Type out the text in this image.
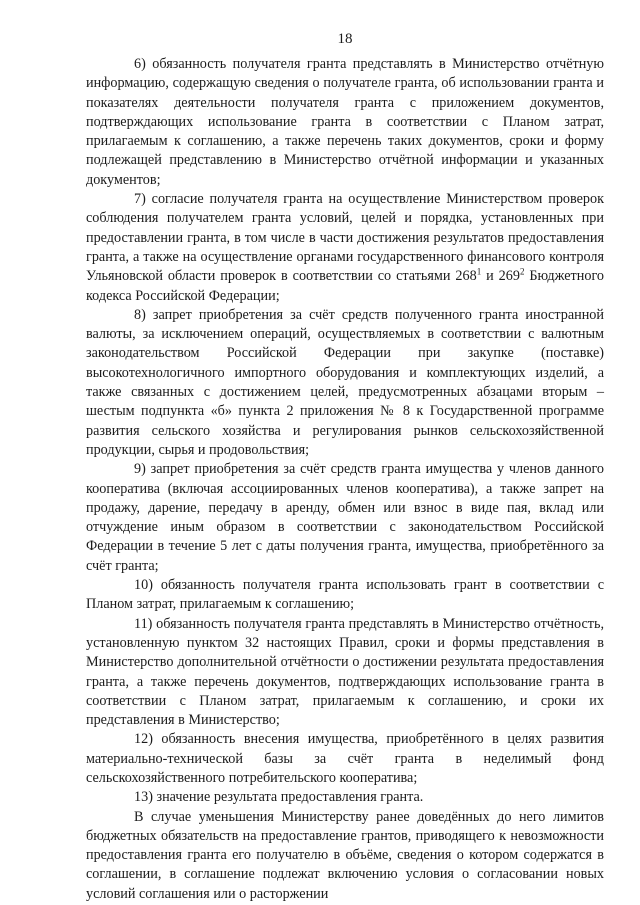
18

6) обязанность получателя гранта представлять в Министерство отчётную информацию, содержащую сведения о получателе гранта, об использовании гранта и показателях деятельности получателя гранта с приложением документов, подтверждающих использование гранта в соответствии с Планом затрат, прилагаемым к соглашению, а также перечень таких документов, сроки и форму подлежащей представлению в Министерство отчётной информации и указанных документов;

7) согласие получателя гранта на осуществление Министерством проверок соблюдения получателем гранта условий, целей и порядка, установленных при предоставлении гранта, в том числе в части достижения результатов предоставления гранта, а также на осуществление органами государственного финансового контроля Ульяновской области проверок в соответствии со статьями $268^1$ и $269^2$ Бюджетного кодекса Российской Федерации;

8) запрет приобретения за счёт средств полученного гранта иностранной валюты, за исключением операций, осуществляемых в соответствии с валютным законодательством Российской Федерации при закупке (поставке) высокотехнологичного импортного оборудования и комплектующих изделий, а также связанных с достижением целей, предусмотренных абзацами вторым – шестым подпункта «б» пункта 2 приложения № 8 к Государственной программе развития сельского хозяйства и регулирования рынков сельскохозяйственной продукции, сырья и продовольствия;

9) запрет приобретения за счёт средств гранта имущества у членов данного кооператива (включая ассоциированных членов кооператива), а также запрет на продажу, дарение, передачу в аренду, обмен или взнос в виде пая, вклад или отчуждение иным образом в соответствии с законодательством Российской Федерации в течение 5 лет с даты получения гранта, имущества, приобретённого за счёт гранта;

10) обязанность получателя гранта использовать грант в соответствии с Планом затрат, прилагаемым к соглашению;

11) обязанность получателя гранта представлять в Министерство отчётность, установленную пунктом 32 настоящих Правил, сроки и формы представления в Министерство дополнительной отчётности о достижении результата предоставления гранта, а также перечень документов, подтверждающих использование гранта в соответствии с Планом затрат, прилагаемым к соглашению, и сроки их представления в Министерство;

12) обязанность внесения имущества, приобретённого в целях развития материально-технической базы за счёт гранта в неделимый фонд сельскохозяйственного потребительского кооператива;

13) значение результата предоставления гранта.

В случае уменьшения Министерству ранее доведённых до него лимитов бюджетных обязательств на предоставление грантов, приводящего к невозможности предоставления гранта его получателю в объёме, сведения о котором содержатся в соглашении, в соглашение подлежат включению условия о согласовании новых условий соглашения или о расторжении
